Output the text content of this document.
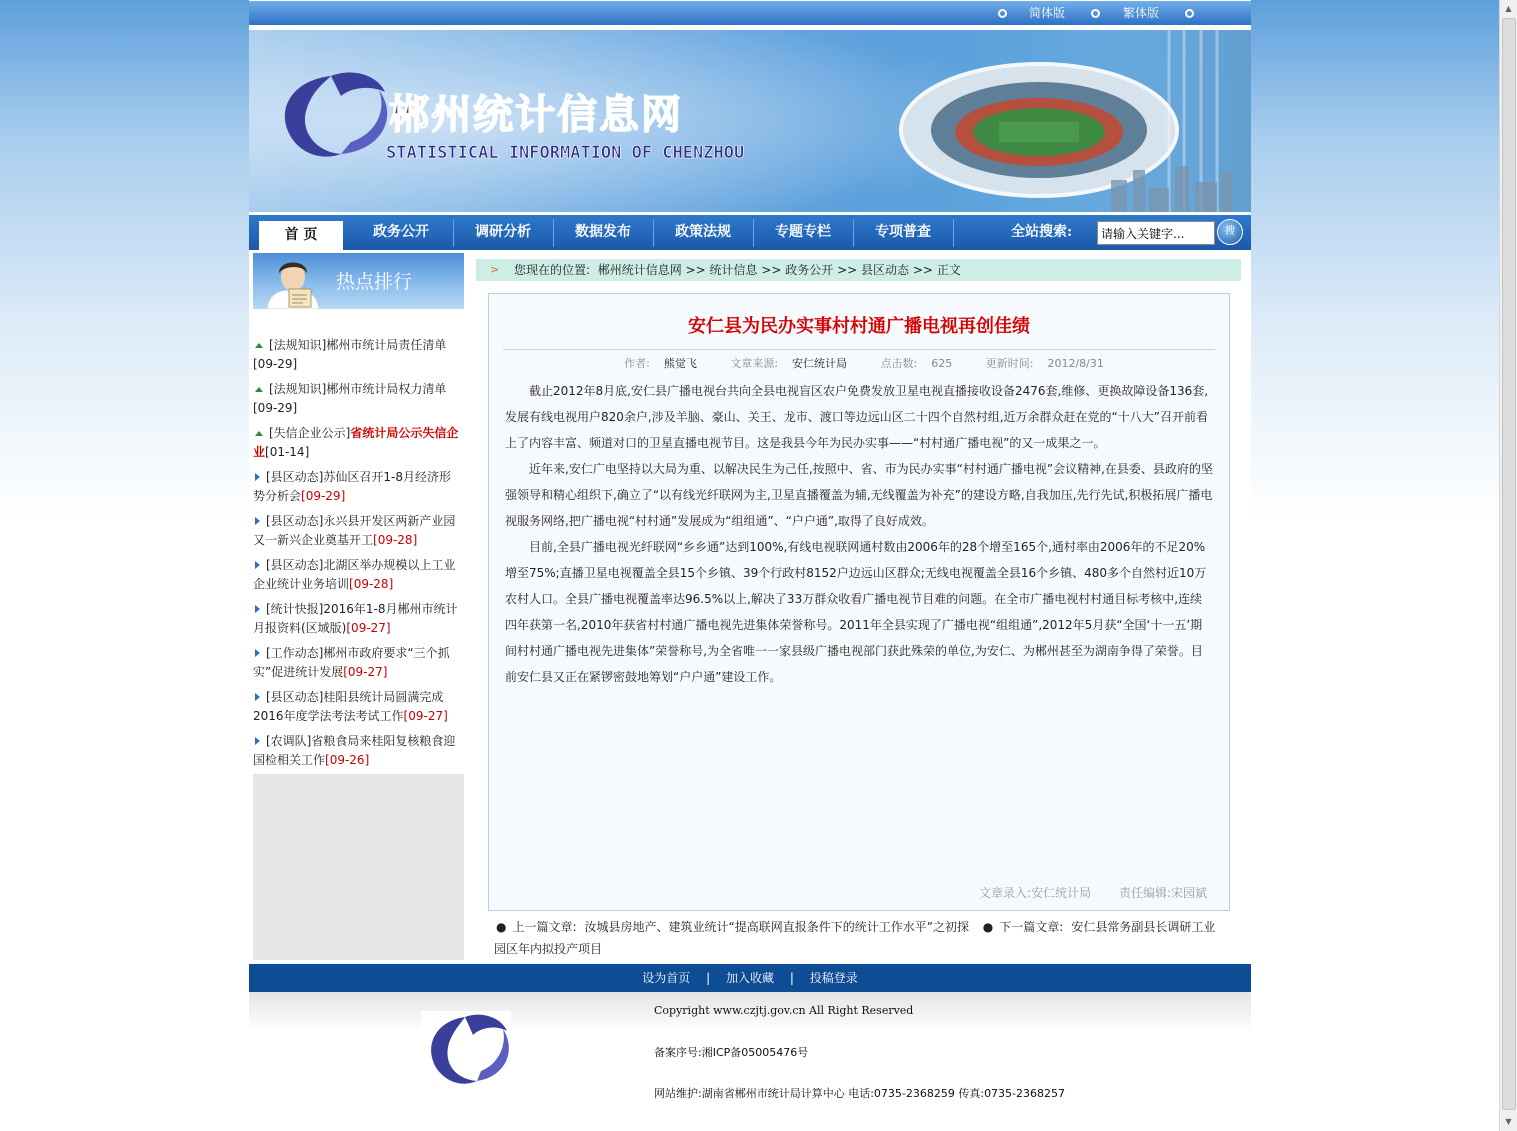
▲
▼
简体版	繁体版
郴州统计信息网
STATISTICAL INFORMATION OF CHENZHOU
首 页	政务公开	调研分析	数据发布	政策法规	专题专栏	专项普查	全站搜索:
请输入关键字...	搜
热点排行
[法规知识]郴州市统计局责任清单
[09-29]
[法规知识]郴州市统计局权力清单
[09-29]
[失信企业公示]省统计局公示失信企业[01-14]
[县区动态]苏仙区召开1-8月经济形势分析会[09-29]
[县区动态]永兴县开发区两新产业园又一新兴企业奠基开工[09-28]
[县区动态]北湖区举办规模以上工业企业统计业务培训[09-28]
[统计快报]2016年1-8月郴州市统计月报资料(区域版)[09-27]
[工作动态]郴州市政府要求“三个抓实”促进统计发展[09-27]
[县区动态]桂阳县统计局圆满完成2016年度学法考法考试工作[09-27]
[农调队]省粮食局来桂阳复核粮食迎国检相关工作[09-26]
> 您现在的位置: 郴州统计信息网 >> 统计信息 >> 政务公开 >> 县区动态 >> 正文
安仁县为民办实事村村通广播电视再创佳绩
作者: 熊觉飞	文章来源: 安仁统计局	点击数: 625	更新时间: 2012/8/31

截止2012年8月底,安仁县广播电视台共向全县电视盲区农户免费发放卫星电视直播接收设备2476套,维修、更换故障设备136套,发展有线电视用户820余户,涉及羊脑、豪山、关王、龙市、渡口等边远山区二十四个自然村组,近万余群众赶在党的“十八大”召开前看上了内容丰富、频道对口的卫星直播电视节目。这是我县今年为民办实事——“村村通广播电视”的又一成果之一。

近年来,安仁广电坚持以大局为重、以解决民生为己任,按照中、省、市为民办实事“村村通广播电视”会议精神,在县委、县政府的坚强领导和精心组织下,确立了“以有线光纤联网为主,卫星直播覆盖为辅,无线覆盖为补充”的建设方略,自我加压,先行先试,积极拓展广播电视服务网络,把广播电视“村村通”发展成为“组组通”、“户户通”,取得了良好成效。

目前,全县广播电视光纤联网“乡乡通”达到100%,有线电视联网通村数由2006年的28个增至165个,通村率由2006年的不足20%增至75%;直播卫星电视覆盖全县15个乡镇、39个行政村8152户边远山区群众;无线电视覆盖全县16个乡镇、480多个自然村近10万农村人口。全县广播电视覆盖率达96.5%以上,解决了33万群众收看广播电视节目难的问题。在全市广播电视村村通目标考核中,连续四年获第一名,2010年获省村村通广播电视先进集体荣誉称号。2011年全县实现了广播电视“组组通”,2012年5月获“全国‘十一五’期间村村通广播电视先进集体”荣誉称号,为全省唯一一家县级广播电视部门获此殊荣的单位,为安仁、为郴州甚至为湖南争得了荣誉。目前安仁县又正在紧锣密鼓地筹划“户户通”建设工作。

文章录入:安仁统计局 责任编辑:宋园斌
● 上一篇文章: 汝城县房地产、建筑业统计“提高联网直报条件下的统计工作水平”之初探 ● 下一篇文章: 安仁县常务副县长调研工业园区年内拟投产项目
设为首页 | 加入收藏 | 投稿登录
Copyright www.czjtj.gov.cn All Right Reserved
备案序号:湘ICP备05005476号
网站维护:湖南省郴州市统计局计算中心 电话:0735-2368259 传真:0735-2368257
